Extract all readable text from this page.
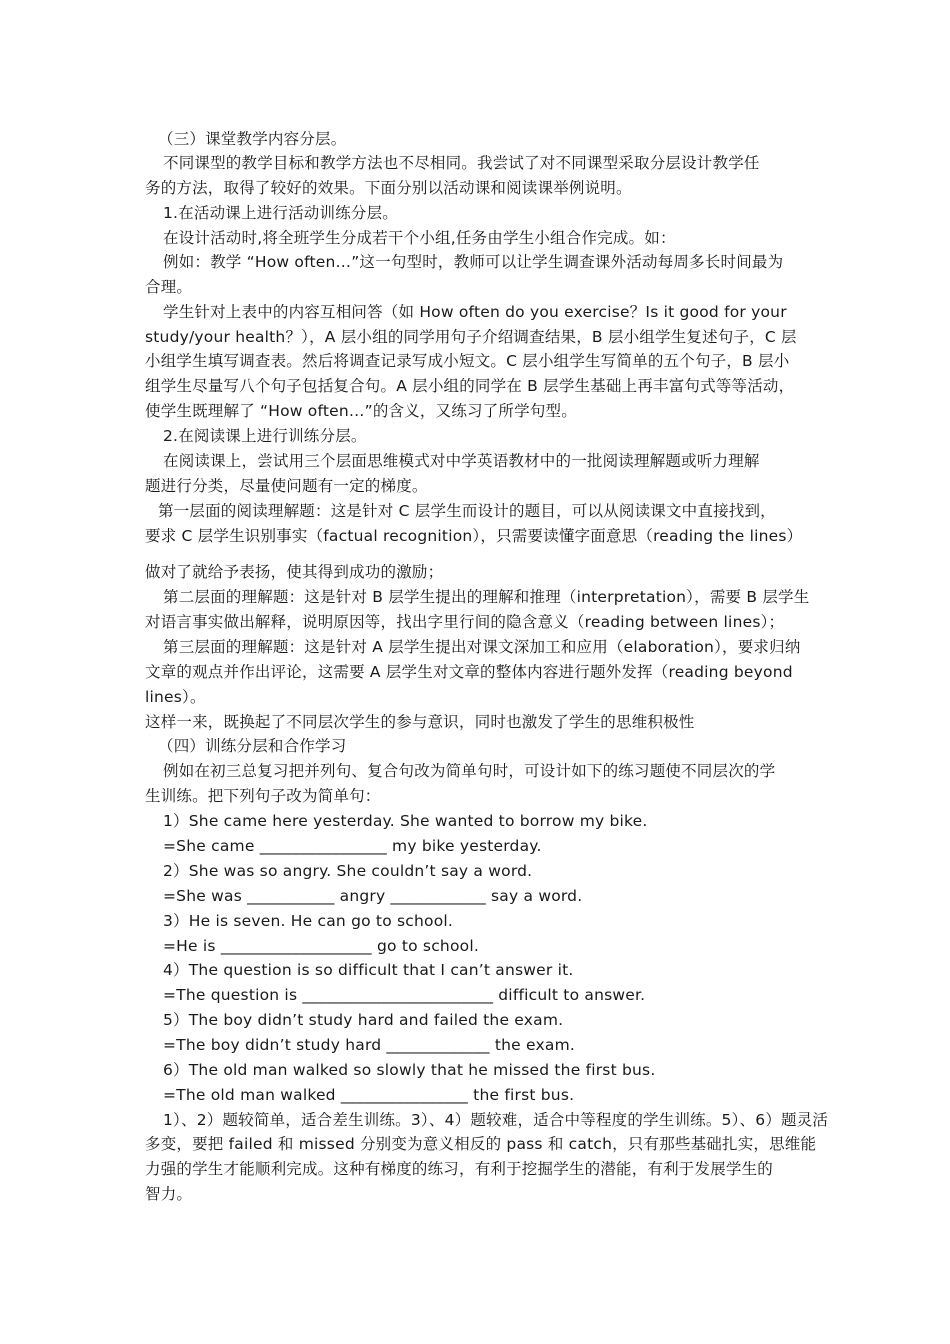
（三）课堂教学内容分层。
不同课型的教学目标和教学方法也不尽相同。我尝试了对不同课型采取分层设计教学任
务的方法，取得了较好的效果。下面分别以活动课和阅读课举例说明。
1.在活动课上进行活动训练分层。
在设计活动时,将全班学生分成若干个小组,任务由学生小组合作完成。如：
例如：教学 “How often…”这一句型时，教师可以让学生调查课外活动每周多长时间最为
合理。
学生针对上表中的内容互相问答（如 How often do you exercise？Is it good for your
study/your health？），A 层小组的同学用句子介绍调查结果，B 层小组学生复述句子，C 层
小组学生填写调查表。然后将调查记录写成小短文。C 层小组学生写简单的五个句子，B 层小
组学生尽量写八个句子包括复合句。A 层小组的同学在 B 层学生基础上再丰富句式等等活动，
使学生既理解了 “How often…”的含义，又练习了所学句型。
2.在阅读课上进行训练分层。
在阅读课上，尝试用三个层面思维模式对中学英语教材中的一批阅读理解题或听力理解
题进行分类，尽量使问题有一定的梯度。
第一层面的阅读理解题：这是针对 C 层学生而设计的题目，可以从阅读课文中直接找到，
要求 C 层学生识别事实（factual recognition），只需要读懂字面意思（reading the lines）
做对了就给予表扬，使其得到成功的激励；
第二层面的理解题：这是针对 B 层学生提出的理解和推理（interpretation），需要 B 层学生
对语言事实做出解释，说明原因等，找出字里行间的隐含意义（reading between lines）；
第三层面的理解题：这是针对 A 层学生提出对课文深加工和应用（elaboration），要求归纳
文章的观点并作出评论，这需要 A 层学生对文章的整体内容进行题外发挥（reading beyond
lines）。
这样一来，既换起了不同层次学生的参与意识，同时也激发了学生的思维积极性
（四）训练分层和合作学习
例如在初三总复习把并列句、复合句改为简单句时，可设计如下的练习题使不同层次的学
生训练。把下列句子改为简单句：
1）She came here yesterday. She wanted to borrow my bike.
=She came ________________ my bike yesterday.
2）She was so angry. She couldn’t say a word.
=She was ___________ angry ____________ say a word.
3）He is seven. He can go to school.
=He is ___________________ go to school.
4）The question is so difficult that I can’t answer it.
=The question is ________________________ difficult to answer.
5）The boy didn’t study hard and failed the exam.
=The boy didn’t study hard _____________ the exam.
6）The old man walked so slowly that he missed the first bus.
=The old man walked ________________ the first bus.
1）、2）题较简单，适合差生训练。3）、4）题较难，适合中等程度的学生训练。5）、6）题灵活
多变，要把 failed 和 missed 分别变为意义相反的 pass 和 catch，只有那些基础扎实，思维能
力强的学生才能顺利完成。这种有梯度的练习，有利于挖掘学生的潜能，有利于发展学生的
智力。
